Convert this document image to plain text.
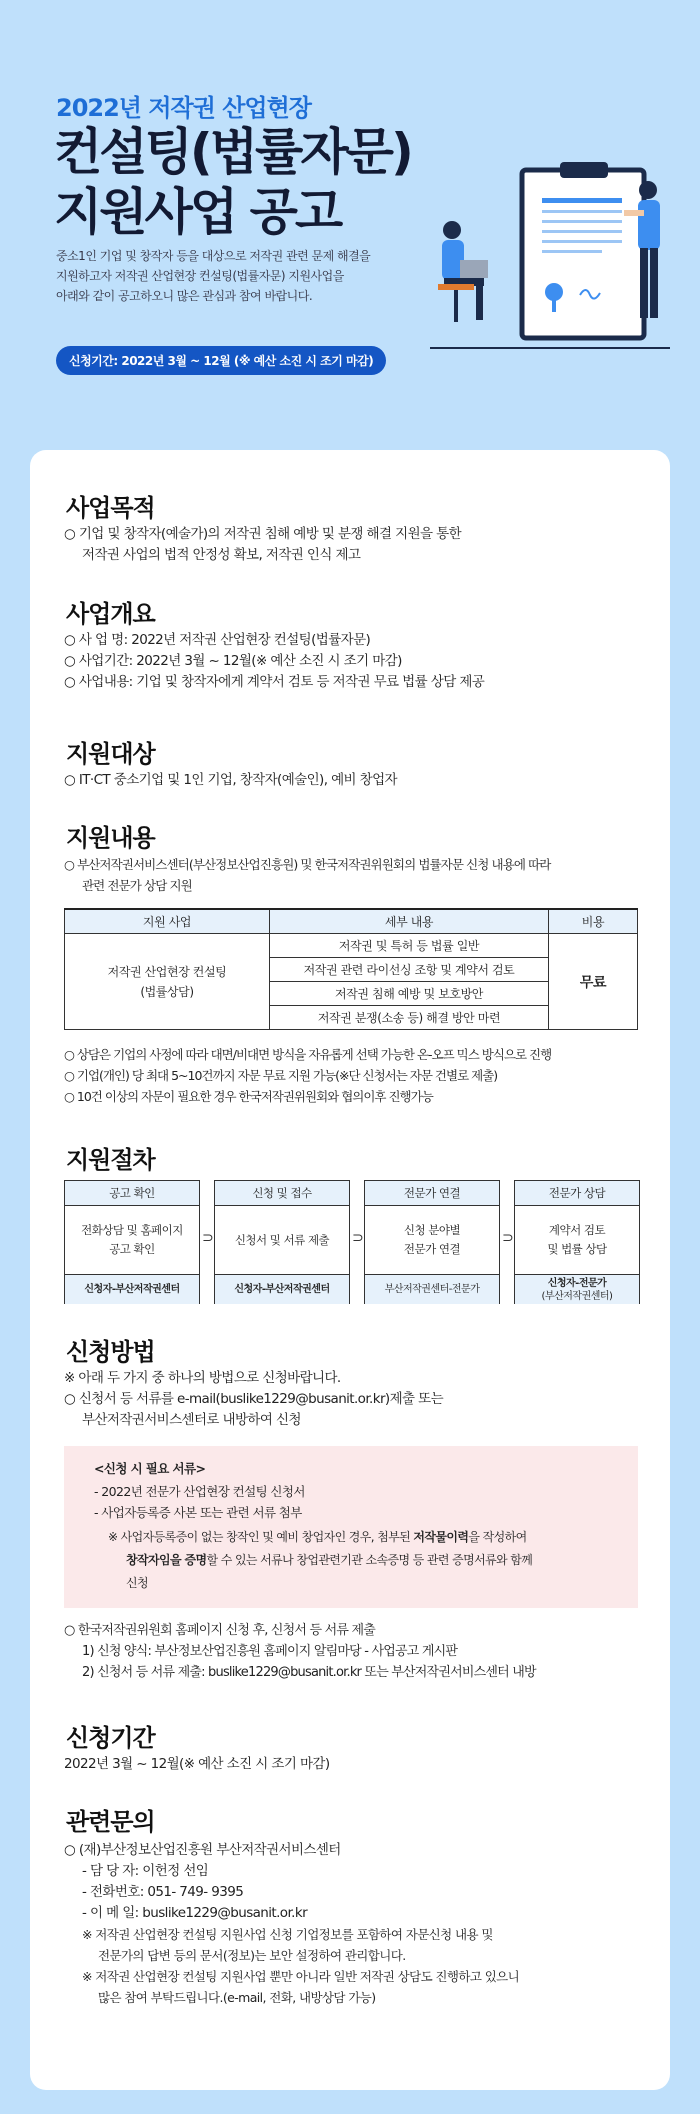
2022년 저작권 산업현장
컨설팅(법률자문)
지원사업 공고
중소1인 기업 및 창작자 등을 대상으로 저작권 관련 문제 해결을
지원하고자 저작권 산업현장 컨설팅(법률자문) 지원사업을
아래와 같이 공고하오니 많은 관심과 참여 바랍니다.
신청기간: 2022년 3월 ~ 12월 (※ 예산 소진 시 조기 마감)
사업목적
○ 기업 및 창작자(예술가)의 저작권 침해 예방 및 분쟁 해결 지원을 통한
저작권 사업의 법적 안정성 확보, 저작권 인식 제고
사업개요
○ 사 업 명: 2022년 저작권 산업현장 컨설팅(법률자문)
○ 사업기간: 2022년 3월 ~ 12월(※ 예산 소진 시 조기 마감)
○ 사업내용: 기업 및 창작자에게 계약서 검토 등 저작권 무료 법률 상담 제공
지원대상
○ IT·CT 중소기업 및 1인 기업, 창작자(예술인), 예비 창업자
지원내용
○ 부산저작권서비스센터(부산정보산업진흥원) 및 한국저작권위원회의 법률자문 신청 내용에 따라
관련 전문가 상담 지원
지원 사업	세부 내용	비용

저작권 산업현장 컨설팅
(법률상담)	저작권 및 특허 등 법률 일반	무료
	저작권 관련 라이선싱 조항 및 계약서 검토	
	저작권 침해 예방 및 보호방안	
	저작권 분쟁(소송 등) 해결 방안 마련	
○ 상담은 기업의 사정에 따라 대면/비대면 방식을 자유롭게 선택 가능한 온-오프 믹스 방식으로 진행
○ 기업(개인) 당 최대 5~10건까지 자문 무료 지원 가능(※단 신청서는 자문 건별로 제출)
○ 10건 이상의 자문이 필요한 경우 한국저작권위원회와 협의이후 진행가능
지원절차
공고 확인
전화상담 및 홈페이지
공고 확인
신청자-부산저작권센터
⊃
신청 및 접수
신청서 및 서류 제출
신청자-부산저작권센터
⊃
전문가 연결
신청 분야별
전문가 연결
부산저작권센터-전문가
⊃
전문가 상담
계약서 검토
및 법률 상담
신청자-전문가
(부산저작권센터)
신청방법
※ 아래 두 가지 중 하나의 방법으로 신청바랍니다.
○ 신청서 등 서류를 e-mail(buslike1229@busanit.or.kr)제출 또는
부산저작권서비스센터로 내방하여 신청
<신청 시 필요 서류>
- 2022년 전문가 산업현장 컨설팅 신청서
- 사업자등록증 사본 또는 관련 서류 첨부
※ 사업자등록증이 없는 창작인 및 예비 창업자인 경우, 첨부된 저작물이력을 작성하여
창작자임을 증명할 수 있는 서류나 창업관련기관 소속증명 등 관련 증명서류와 함께
신청
○ 한국저작권위원회 홈페이지 신청 후, 신청서 등 서류 제출
1) 신청 양식: 부산정보산업진흥원 홈페이지 알림마당 - 사업공고 게시판
2) 신청서 등 서류 제출: buslike1229@busanit.or.kr 또는 부산저작권서비스센터 내방
신청기간
2022년 3월 ~ 12월(※ 예산 소진 시 조기 마감)
관련문의
○ (재)부산정보산업진흥원 부산저작권서비스센터
- 담 당 자: 이헌정 선임
- 전화번호: 051- 749- 9395
- 이 메 일: buslike1229@busanit.or.kr
※ 저작권 산업현장 컨설팅 지원사업 신청 기업정보를 포함하여 자문신청 내용 및
전문가의 답변 등의 문서(정보)는 보안 설정하여 관리합니다.
※ 저작권 산업현장 컨설팅 지원사업 뿐만 아니라 일반 저작권 상담도 진행하고 있으니
많은 참여 부탁드립니다.(e-mail, 전화, 내방상담 가능)
